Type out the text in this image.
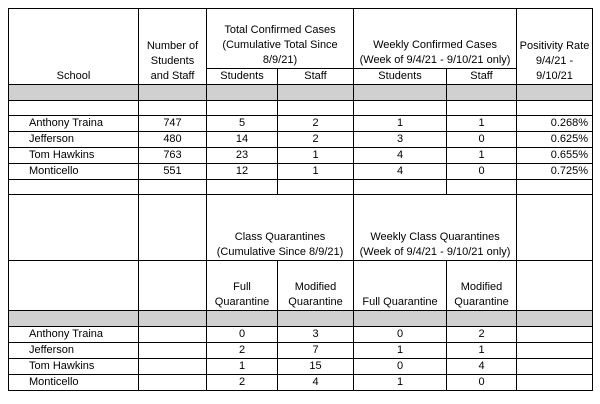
School	Number of Students and Staff	Total Confirmed Cases (Cumulative Total Since 8/9/21)		Weekly Confirmed Cases (Week of 9/4/21 - 9/10/21 only)		Positivity Rate 9/4/21 - 9/10/21
		Students	Staff	Students	Staff	

Anthony Traina	747	5	2	1	1	0.268%
Jefferson	480	14	2	3	0	0.625%
Tom Hawkins	763	23	1	4	1	0.655%
Monticello	551	12	1	4	0	0.725%

		Class Quarantines (Cumulative Since 8/9/21)		Weekly Class Quarantines (Week of 9/4/21 - 9/10/21 only)		
		Full Quarantine	Modified Quarantine	Full Quarantine	Modified Quarantine	

Anthony Traina		0	3	0	2	
Jefferson		2	7	1	1	
Tom Hawkins		1	15	0	4	
Monticello		2	4	1	0	
